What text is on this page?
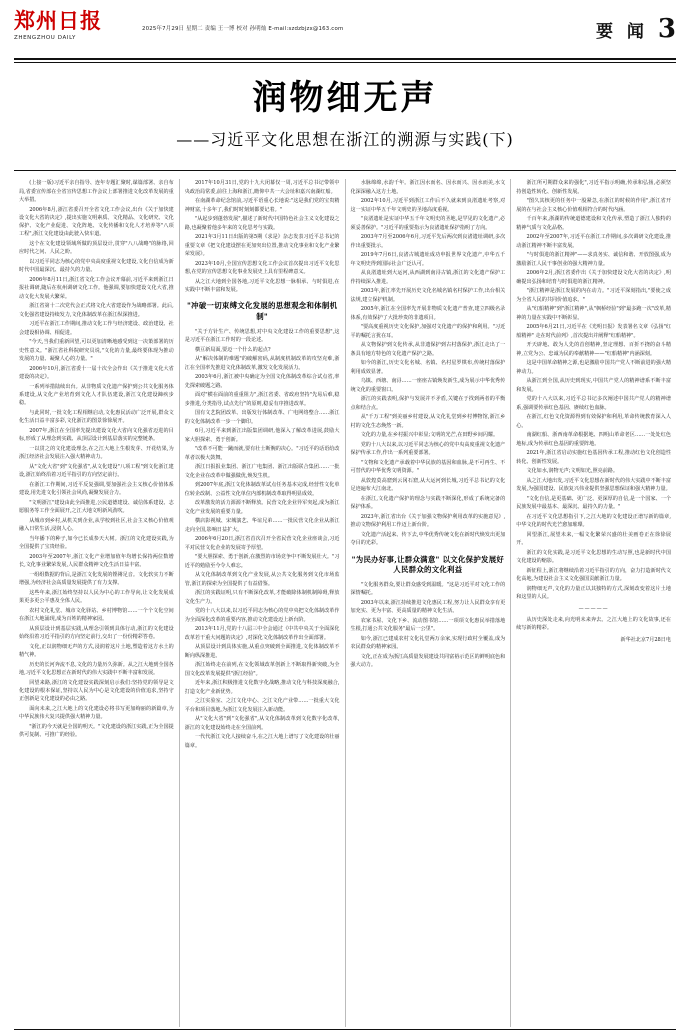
郑州日报
ZHENGZHOU DAILY
2025年7月29日 星期二 责编 王一博 校对 孙明灿 E-mail:szdzbjzx@163.com	要 闻 3
润物细无声
——习近平文化思想在浙江的溯源与实践(下)

(上接一版)习近平亲自指导、连年专题汇聚时,谋篇部署、亲自布局,省委宣传部在全省宣传思想工作会议上部署推进文化改革发展的重大举措。

2006年8月,浙江省委召开全省文化工作会议,出台《关于加快建设文化大省的决定》,提出实施文明素质、文化精品、文化研究、文化保护、文化产业促进、文化阵地、文化传播和文化人才培养等"八项工程",浙江文化建设由此驶入快车道。

这个在文化建设领域所做的顶层设计,贯穿"八八战略"的脉络,回应时代之问、人民之盼。

以习近平同志为核心的党中央高度重视文化建设,文化自信成为新时代中国最深沉、最持久的力量。

2006年8月11日,浙江省文化工作会议开幕前,习近平来到浙江日报社调研,随后在杭州调研文化工作。他强调,要加快建设文化大省,推动文化大发展大繁荣。

浙江省第十二次党代会正式将文化大省建设作为战略部署。此后,文化强省建设持续发力,文化体制改革在浙江纵深推进。

习近平在浙江工作期间,推动文化工作与经济建设、政治建设、社会建设相协调、相促进。

"今天,当我们重新回望,可以更加清晰地感受到这一决策部署的历史性意义。"浙江省社科院研究员说,"文化的力量,最终要体现为推动发展的力量、凝聚人心的力量。"

2006年10月,浙江省委十一届十次全会作出《关于推进文化大省建设的决定》。

一系列举措陆续出台。从非物质文化遗产保护到公共文化服务体系建设,从文化产业培育到文化人才队伍建设,浙江文化建设蹄疾步稳。

与此同时,一批文化工程相继启动,文化惠民活动广泛开展,群众文化生活日益丰富多彩,文化浙江的图景徐徐展开。

2007年,浙江在全国率先提出建设文化大省向文化强省迈进的目标,形成了从理念到实践、从顶层设计到基层落实的完整链条。

一以贯之的文化建设理念,在之江大地上生根发芽、开花结果,为浙江经济社会发展注入强大精神动力。

从"文化大省"到"文化强省",从文化建设"八项工程"到文化浙江建设,浙江始终沿着习近平指引的方向坚定前行。

在浙江工作期间,习近平反复强调,要加强社会主义核心价值体系建设,用先进文化引领社会风尚,凝聚发展合力。

"文明浙江"建设由此全面推进,公民道德建设、诚信体系建设、志愿服务等工作全面展开,之江大地文明新风劲吹。

从城市到乡村,从机关到企业,从学校到社区,社会主义核心价值观融入日常生活,浸润人心。

当年播下的种子,如今已长成参天大树。浙江的文化建设实践,为全国提供了宝贵经验。

2003年至2007年,浙江文化产业增加值年均增长保持两位数增长,文化事业繁荣发展,人民群众精神文化生活日益丰富。

一组组数据的背后,是浙江文化发展的铿锵足音。文化软实力不断增强,为经济社会高质量发展提供了有力支撑。

这些年来,浙江始终坚持以人民为中心的工作导向,让文化发展成果更多更公平惠及全体人民。

农村文化礼堂、城市文化驿站、乡村博物馆……一个个文化空间在浙江大地涌现,成为百姓的精神家园。

从顶层设计到基层实践,从理念引领到具体行动,浙江的文化建设始终沿着习近平指引的方向坚定前行,交出了一份份精彩答卷。

文化,正以润物细无声的方式,浸润着这片土地,塑造着这方水土的精气神。

历史的长河奔流不息,文化的力量历久弥新。从之江大地到全国各地,习近平文化思想正在新时代的伟大实践中不断丰富和发展。

回望来路,浙江的文化建设实践深刻启示我们:坚持党的领导是文化建设的根本保证,坚持以人民为中心是文化建设的价值追求,坚持守正创新是文化建设的必由之路。

面向未来,之江大地上的文化建设必将书写更加绚丽的新篇章,为中华民族伟大复兴提供强大精神力量。

"浙江的今天就是全国的明天。"文化建设的浙江实践,正为全国提供可复制、可推广的经验。

2017年10月31日,党的十九大闭幕仅一周,习近平总书记带领中央政治局常委,前往上海和浙江,瞻仰中共一大会址和嘉兴南湖红船。

在南湖革命纪念馆前,习近平语重心长地说:"这是我们党的宝贵精神财富,十多年了,我们时时刻刻都要记着。"

"从起步到蓬勃发展",描述了新时代中国特色社会主义文化建设之路,也凝聚着他多年来的文化思考与实践。

2021年3月11日出版的第5期《求是》杂志发表习近平总书记的重要文章《把文化建设摆在更加突出位置,推动文化事业和文化产业繁荣发展》。

2023年10月,全国宣传思想文化工作会议首次提出习近平文化思想,在党的宣传思想文化事业发展史上具有里程碑意义。

从之江大地到全国各地,习近平文化思想一脉相承、与时俱进,在实践中不断丰富和发展。

"冲破一切束缚文化发展的思想观念和体制机制"

"关于方针生产、传统思想,对中央文化建设工作的重要思想",这是习近平在浙江工作时的一段论述。

横亘新局面,要迈一个什么的起点?

从"解决体制的难题"的破解密码,从制度机制改革的攻坚克难,浙江在全国率先推进文化体制改革,激发文化发展活力。

2003年6月,浙江被中央确定为全国文化体制改革综合试点省,率先探索破题之路。

面对"横在面前的重重阻力",浙江省委、省政府坚持"先易后难,稳步推进,分类指导,试点先行"的原则,稳妥有序推进改革。

国有文艺院团改革、出版发行体制改革、广电网络整合……浙江的文化体制改革一步一个脚印。

6月,习近平来到浙江出版集团调研,他深入了解改革进展,鼓励大家大胆探索、勇于创新。

"改革不可能一蹴而就,要有壮士断腕的决心。"习近平的话语给改革者以极大鼓舞。

浙江日报报业集团、浙江广电集团、浙江出版联合集团……一批文化企业在改革中做强做优,焕发生机。

到2007年底,浙江文化体制改革试点任务基本完成,经营性文化单位转企改制、公益性文化单位内部机制改革取得明显成效。

改革激发的活力源源不断释放。民营文化企业异军突起,成为浙江文化产业发展的重要力量。

横店影视城、宋城演艺、华谊兄弟……一批民营文化企业从浙江走向全国,影响日益扩大。

2006年6月20日,浙江省首次召开全省民营文化企业座谈会,习近平对民营文化企业的发展寄予厚望。

"要大胆探索、勇于创新,在激烈的市场竞争中不断发展壮大。"习近平的勉励至今令人难忘。

从文化体制改革到文化产业发展,从公共文化服务到文化市场监管,浙江的探索为全国提供了有益借鉴。

浙江的实践证明,只有不断深化改革,才能破除体制机制障碍,释放文化生产力。

党的十八大以来,以习近平同志为核心的党中央把文化体制改革作为全面深化改革的重要内容,推动文化建设迈上新台阶。

2013年11月,党的十八届三中全会通过《中共中央关于全面深化改革若干重大问题的决定》,对深化文化体制改革作出全面部署。

从顶层设计到具体实施,从重点突破到全面推进,文化体制改革不断向纵深推进。

浙江始终走在前列,在文化领域改革创新上不断取得新突破,为全国文化改革发展提供"浙江经验"。

近年来,浙江积极推进文化数字化战略,推动文化与科技深度融合,打造文化产业新优势。

之江实验室、之江文化中心、之江文化产业带……一批重大文化平台和项目落地,为浙江文化发展注入新动能。

从"文化大省"到"文化强省",从文化体制改革到文化数字化改革,浙江的文化建设始终走在全国前列。

一代代浙江文化人接续奋斗,在之江大地上谱写了文化建设的壮丽篇章。

水脉绵绵,水韵千年。浙江因水而名、因水而兴、因水而美,水文化深深融入这方土地。

2002年10月,习近平到浙江工作后不久就来到良渚遗址考察,对这一实证中华五千年文明史的圣地高度重视。

"良渚遗址是实证中华五千年文明史的圣地,是罕见的文化遗产,必须妥善保护。"习近平的重要指示为良渚遗址保护指明了方向。

2003年7月至2006年6月,习近平先后两次到良渚遗址调研,多次作出重要批示。

2019年7月6日,良渚古城遗址成功申报世界文化遗产,中华五千年文明史得到国际社会广泛认可。

从良渚遗址到大运河,从西湖到南浔古镇,浙江的文化遗产保护工作持续深入推进。

2003年,浙江率先开展历史文化名城名镇名村保护工作,出台相关法规,建立保护机制。

2005年,浙江在全国率先开展非物质文化遗产普查,建立四级名录体系,有效保护了大批珍贵的非遗项目。

"要高度重视历史文化保护,加强对文化遗产的保护和利用。"习近平的嘱托言犹在耳。

从文物保护到文化传承,从非遗保护到古村落保护,浙江走出了一条具有地方特色的文化遗产保护之路。

如今的浙江,历史文化名城、名镇、名村星罗棋布,传统村落保护利用成效显著。

乌镇、西塘、南浔……一座座古镇焕发新生,成为展示中华优秀传统文化的重要窗口。

浙江的实践表明,保护与发展并不矛盾,关键在于找到两者的平衡点和结合点。

从"千万工程"到美丽乡村建设,从文化礼堂到乡村博物馆,浙江乡村的文化生态焕然一新。

文化的力量,在乡村振兴中彰显;文明的光芒,在田野乡间闪耀。

党的十八大以来,以习近平同志为核心的党中央高度重视文化遗产保护传承工作,作出一系列重要部署。

"文物和文化遗产承载着中华民族的基因和血脉,是不可再生、不可替代的中华优秀文明资源。"

从敦煌莫高窟到云冈石窟,从大运河到长城,习近平总书记的文化足迹遍布大江南北。

在浙江,文化遗产保护的理念与实践不断深化,形成了系统完备的保护体系。

2023年,浙江省出台《关于加强文物保护利用改革的实施意见》,推动文物保护利用工作迈上新台阶。

文化遗产活起来、传下去,中华优秀传统文化在新时代焕发出更加夺目的光彩。

"为民办好事,让群众满意" 以文化保护发展好人民群众的文化利益

"文化服务群众,要让群众感受到温暖。"这是习近平对文化工作的深情嘱托。

2003年以来,浙江持续推进文化惠民工程,努力让人民群众享有更加充实、更为丰富、更高质量的精神文化生活。

农家书屋、文化下乡、流动图书馆……一项项文化惠民举措落地生根,打通公共文化服务"最后一公里"。

如今,浙江已建成农村文化礼堂两万余家,实现行政村全覆盖,成为农民群众的精神家园。

文化,正在成为浙江高质量发展建设共同富裕示范区的鲜明底色和强大动力。

浙江所可期群众来的强化",习近平指示明确,传承和弘扬,必须坚持创造性转化、创新性发展。

"图久其核更的任务中一股紧急,在浙江的时候的作用",浙江省开展的在与社会主义核心价值观相符合的时代内涵。

千百年来,浙湖的传统道德建设和文化传承,塑造了浙江人独特的精神气质与文化品格。

2002年至2007年,习近平在浙江工作期间,多次调研文化建设,推动浙江精神不断丰富发展。

"与时俱进的浙江精神"——求真务实、诚信和谐、开放图强,成为激励浙江人民干事创业的强大精神力量。

2006年2月,浙江省委作出《关于加快建设文化大省的决定》,明确提出弘扬和培育与时俱进的浙江精神。

"浙江精神是浙江发展的内在动力。"习近平深刻指出,"要使之成为全省人民的共同价值追求。"

从"红船精神"到"浙江精神",从"枫桥经验"到"最多跑一次"改革,精神的力量在实践中不断彰显。

2005年6月21日,习近平在《光明日报》发表署名文章《弘扬"红船精神" 走在时代前列》,首次提出并阐释"红船精神"。

开天辟地、敢为人先的首创精神,坚定理想、百折不挠的奋斗精神,立党为公、忠诚为民的奉献精神——"红船精神"内涵深刻。

这是中国革命精神之源,也是激励中国共产党人不断前进的强大精神动力。

从浙江到全国,从历史到现实,中国共产党人的精神谱系不断丰富和发展。

党的十八大以来,习近平总书记多次阐述中国共产党人的精神谱系,强调要传承红色基因、赓续红色血脉。

在浙江,红色文化资源得到有效保护和利用,革命传统教育深入人心。

南湖红船、浙西南革命根据地、四明山革命老区……一处处红色地标,成为传承红色基因的重要阵地。

2021年,浙江省启动实施红色基因传承工程,推动红色文化创造性转化、创新性发展。

文化如水,润物无声;文明如光,照亮前路。

从之江大地出发,习近平文化思想在新时代的伟大实践中不断丰富发展,为强国建设、民族复兴伟业提供坚强思想保证和强大精神力量。

"文化自信,是更基础、更广泛、更深厚的自信,是一个国家、一个民族发展中最基本、最深沉、最持久的力量。"

在习近平文化思想指引下,之江大地的文化建设正谱写新的篇章,中华文化的时代光芒愈加璀璨。

回望浙江,展望未来,一幅文化繁荣兴盛的壮美画卷正在徐徐展开。

浙江的文化实践,是习近平文化思想的生动写照,也是新时代中国文化建设的缩影。

新征程上,浙江将继续沿着习近平指引的方向，奋力打造新时代文化高地,为建设社会主义文化强国贡献浙江力量。

润物细无声,文化的力量正以其独特的方式,深刻改变着这片土地和这里的人民。

—————

从历史深处走来,向光明未来奔去。之江大地上的文化故事,还在续写新的精彩。

新华社北京7月28日电
